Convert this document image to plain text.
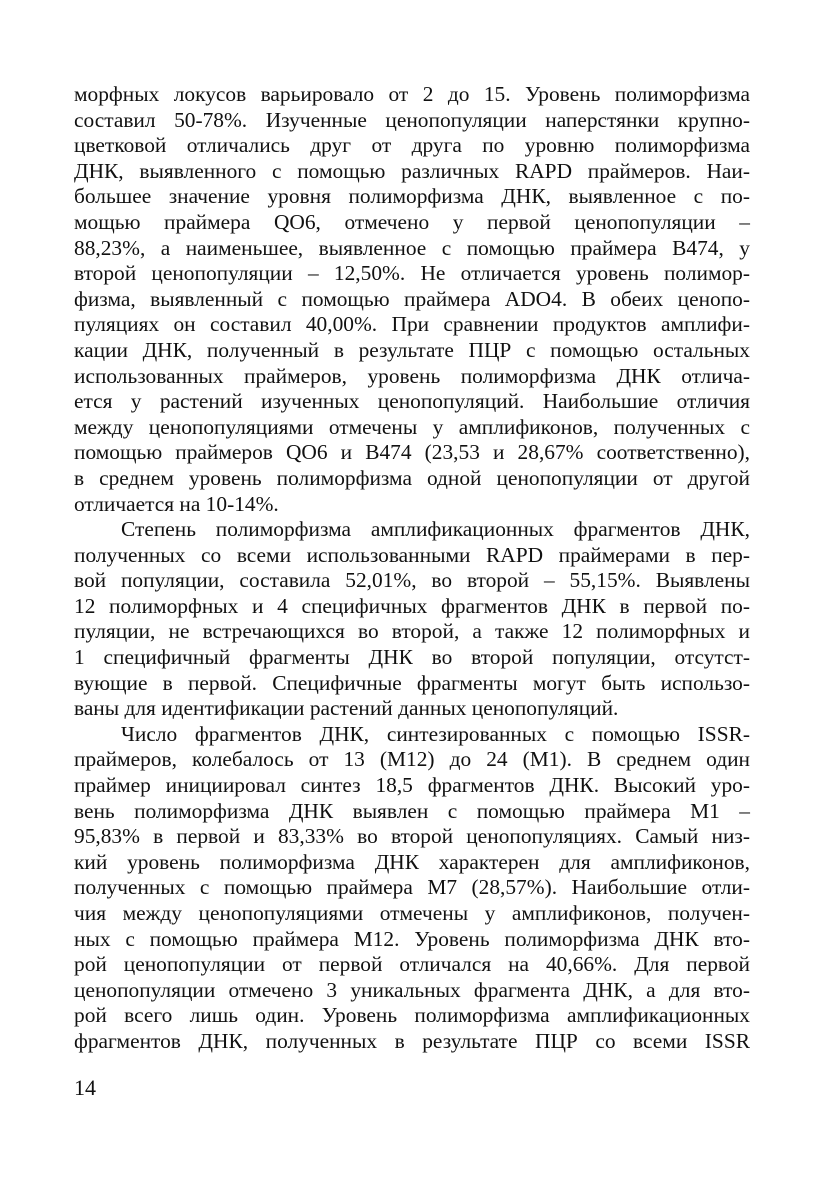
морфных локусов варьировало от 2 до 15. Уровень полиморфизма
составил 50-78%. Изученные ценопопуляции наперстянки крупно-
цветковой отличались друг от друга по уровню полиморфизма
ДНК, выявленного с помощью различных RAPD праймеров. Наи-
большее значение уровня полиморфизма ДНК, выявленное с по-
мощью праймера QO6, отмечено у первой ценопопуляции –
88,23%, а наименьшее, выявленное с помощью праймера B474, у
второй ценопопуляции – 12,50%. Не отличается уровень полимор-
физма, выявленный с помощью праймера ADO4. В обеих ценопо-
пуляциях он составил 40,00%. При сравнении продуктов амплифи-
кации ДНК, полученный в результате ПЦР с помощью остальных
использованных праймеров, уровень полиморфизма ДНК отлича-
ется у растений изученных ценопопуляций. Наибольшие отличия
между ценопопуляциями отмечены у амплификонов, полученных с
помощью праймеров QO6 и B474 (23,53 и 28,67% соответственно),
в среднем уровень полиморфизма одной ценопопуляции от другой
отличается на 10-14%.
Степень полиморфизма амплификационных фрагментов ДНК,
полученных со всеми использованными RAPD праймерами в пер-
вой популяции, составила 52,01%, во второй – 55,15%. Выявлены
12 полиморфных и 4 специфичных фрагментов ДНК в первой по-
пуляции, не встречающихся во второй, а также 12 полиморфных и
1 специфичный фрагменты ДНК во второй популяции, отсутст-
вующие в первой. Специфичные фрагменты могут быть использо-
ваны для идентификации растений данных ценопопуляций.
Число фрагментов ДНК, синтезированных с помощью ISSR-
праймеров, колебалось от 13 (M12) до 24 (M1). В среднем один
праймер инициировал синтез 18,5 фрагментов ДНК. Высокий уро-
вень полиморфизма ДНК выявлен с помощью праймера M1 –
95,83% в первой и 83,33% во второй ценопопуляциях. Самый низ-
кий уровень полиморфизма ДНК характерен для амплификонов,
полученных с помощью праймера M7 (28,57%). Наибольшие отли-
чия между ценопопуляциями отмечены у амплификонов, получен-
ных с помощью праймера M12. Уровень полиморфизма ДНК вто-
рой ценопопуляции от первой отличался на 40,66%. Для первой
ценопопуляции отмечено 3 уникальных фрагмента ДНК, а для вто-
рой всего лишь один. Уровень полиморфизма амплификационных
фрагментов ДНК, полученных в результате ПЦР со всеми ISSR

14
